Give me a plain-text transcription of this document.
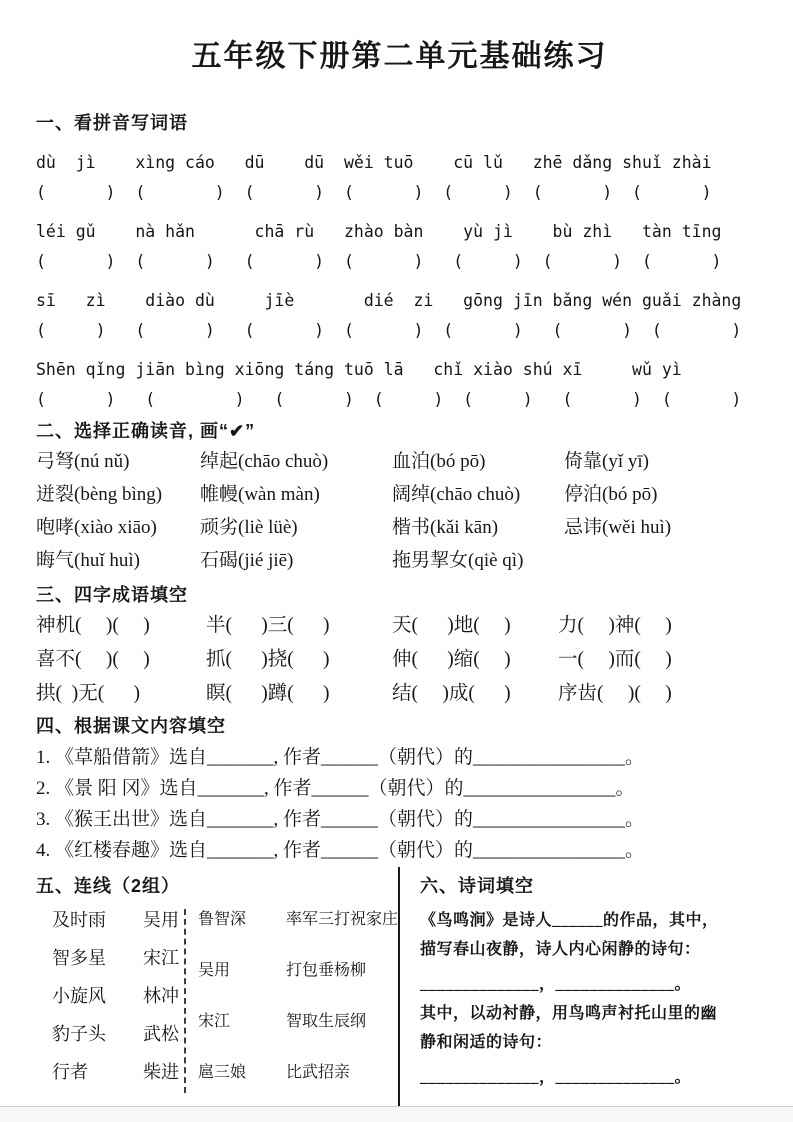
五年级下册第二单元基础练习
一、看拼音写词语
dù  jì    xìng cáo   dū    dū  wěi tuō    cū lǔ   zhē dǎng shuǐ zhài
(      )  (       )  (      )  (      )  (     )  (      )  (      )
léi gǔ    nà hǎn      chā rù   zhào bàn    yù jì    bù zhì   tàn tīng
(      )  (      )   (      )  (      )   (     )  (      )  (      )
sī   zì    diào dù     jīè       dié  zi   gōng jīn bǎng wén guǎi zhàng
(     )   (      )   (      )  (      )  (      )   (      )  (       )
Shēn qǐng jiān bìng xiōng táng tuō lā   chǐ xiào shú xī     wǔ yì
(      )   (        )   (      )  (     )  (     )   (      )  (      )
二、选择正确读音, 画“✔”
弓弩(nú nǔ)	绰起(chāo chuò)	血泊(bó pō)	倚靠(yǐ yī)
迸裂(bèng bìng)	帷幔(wàn màn)	阔绰(chāo chuò)	停泊(bó pō)
咆哮(xiào xiāo)	顽劣(liè lüè)	楷书(kǎi kān)	忌讳(wěi huì)
晦气(huǐ huì)	石碣(jié jiē)	拖男挈女(qiè qì)
三、四字成语填空
神机(     )(     )	半(      )三(      )	天(      )地(     )	力(     )神(     )
喜不(     )(     )	抓(      )挠(      )	伸(      )缩(     )	一(     )而(     )
拱(  )无(      )	瞑(      )蹲(      )	结(     )成(      )	序齿(     )(     )
四、根据课文内容填空
1. 《草船借箭》选自_______, 作者______（朝代）的________________。
2. 《景 阳 冈》选自_______, 作者______（朝代）的________________。
3. 《猴王出世》选自_______, 作者______（朝代）的________________。
4. 《红楼春趣》选自_______, 作者______（朝代）的________________。
五、连线（2组）
及时雨	吴用
智多星	宋江
小旋风	林冲
豹子头	武松
行者	柴进
鲁智深	率军三打祝家庄
吴用	打包垂杨柳
宋江	智取生辰纲
扈三娘	比武招亲
六、诗词填空
《鸟鸣涧》是诗人______的作品，其中，
描写春山夜静，诗人内心闲静的诗句：
______________，______________。
其中，以动衬静，用鸟鸣声衬托山里的幽
静和闲适的诗句：
______________，______________。
